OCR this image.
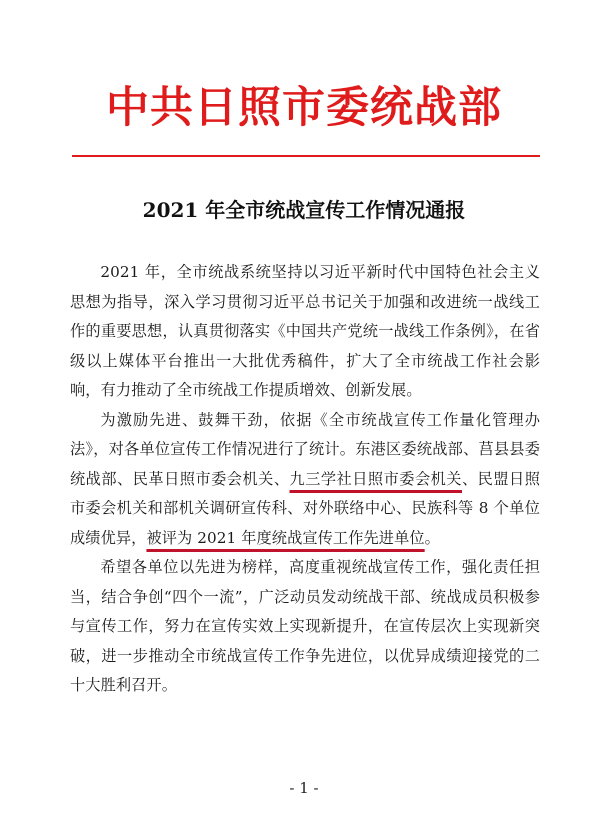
中共日照市委统战部
2021 年全市统战宣传工作情况通报

2021 年，全市统战系统坚持以习近平新时代中国特色社会主义思想为指导，深入学习贯彻习近平总书记关于加强和改进统一战线工作的重要思想，认真贯彻落实《中国共产党统一战线工作条例》，在省级以上媒体平台推出一大批优秀稿件，扩大了全市统战工作社会影响，有力推动了全市统战工作提质增效、创新发展。

为激励先进、鼓舞干劲，依据《全市统战宣传工作量化管理办法》，对各单位宣传工作情况进行了统计。东港区委统战部、莒县县委统战部、民革日照市委会机关、九三学社日照市委会机关、民盟日照市委会机关和部机关调研宣传科、对外联络中心、民族科等 8 个单位成绩优异，被评为 2021 年度统战宣传工作先进单位。

希望各单位以先进为榜样，高度重视统战宣传工作，强化责任担当，结合争创“四个一流”，广泛动员发动统战干部、统战成员积极参与宣传工作，努力在宣传实效上实现新提升，在宣传层次上实现新突破，进一步推动全市统战宣传工作争先进位，以优异成绩迎接党的二十大胜利召开。

- 1 -
